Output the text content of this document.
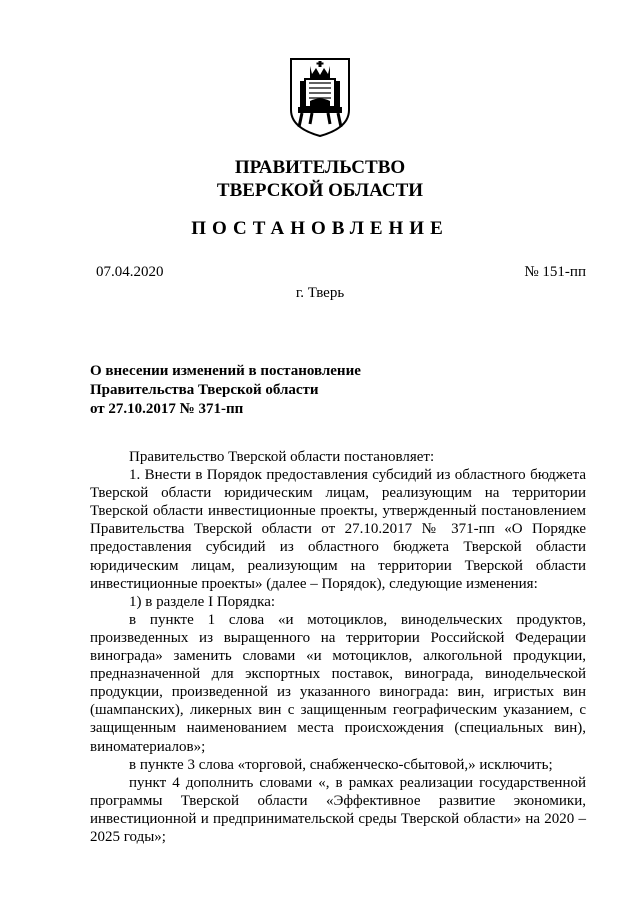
ПРАВИТЕЛЬСТВО
ТВЕРСКОЙ ОБЛАСТИ
ПОСТАНОВЛЕНИЕ
07.04.2020	№ 151-пп
г. Тверь
О внесении изменений в постановление
Правительства Тверской области
от 27.10.2017 № 371-пп

Правительство Тверской области постановляет:

1. Внести в Порядок предоставления субсидий из областного бюджета Тверской области юридическим лицам, реализующим на территории Тверской области инвестиционные проекты, утвержденный постановлением Правительства Тверской области от 27.10.2017 № 371-пп «О Порядке предоставления субсидий из областного бюджета Тверской области юридическим лицам, реализующим на территории Тверской области инвестиционные проекты» (далее – Порядок), следующие изменения:

1) в разделе I Порядка:

в пункте 1 слова «и мотоциклов, винодельческих продуктов, произведенных из выращенного на территории Российской Федерации винограда» заменить словами «и мотоциклов, алкогольной продукции, предназначенной для экспортных поставок, винограда, винодельческой продукции, произведенной из указанного винограда: вин, игристых вин (шампанских), ликерных вин с защищенным географическим указанием, с защищенным наименованием места происхождения (специальных вин), виноматериалов»;

в пункте 3 слова «торговой, снабженческо-сбытовой,» исключить;

пункт 4 дополнить словами «, в рамках реализации государственной программы Тверской области «Эффективное развитие экономики, инвестиционной и предпринимательской среды Тверской области» на 2020 – 2025 годы»;
